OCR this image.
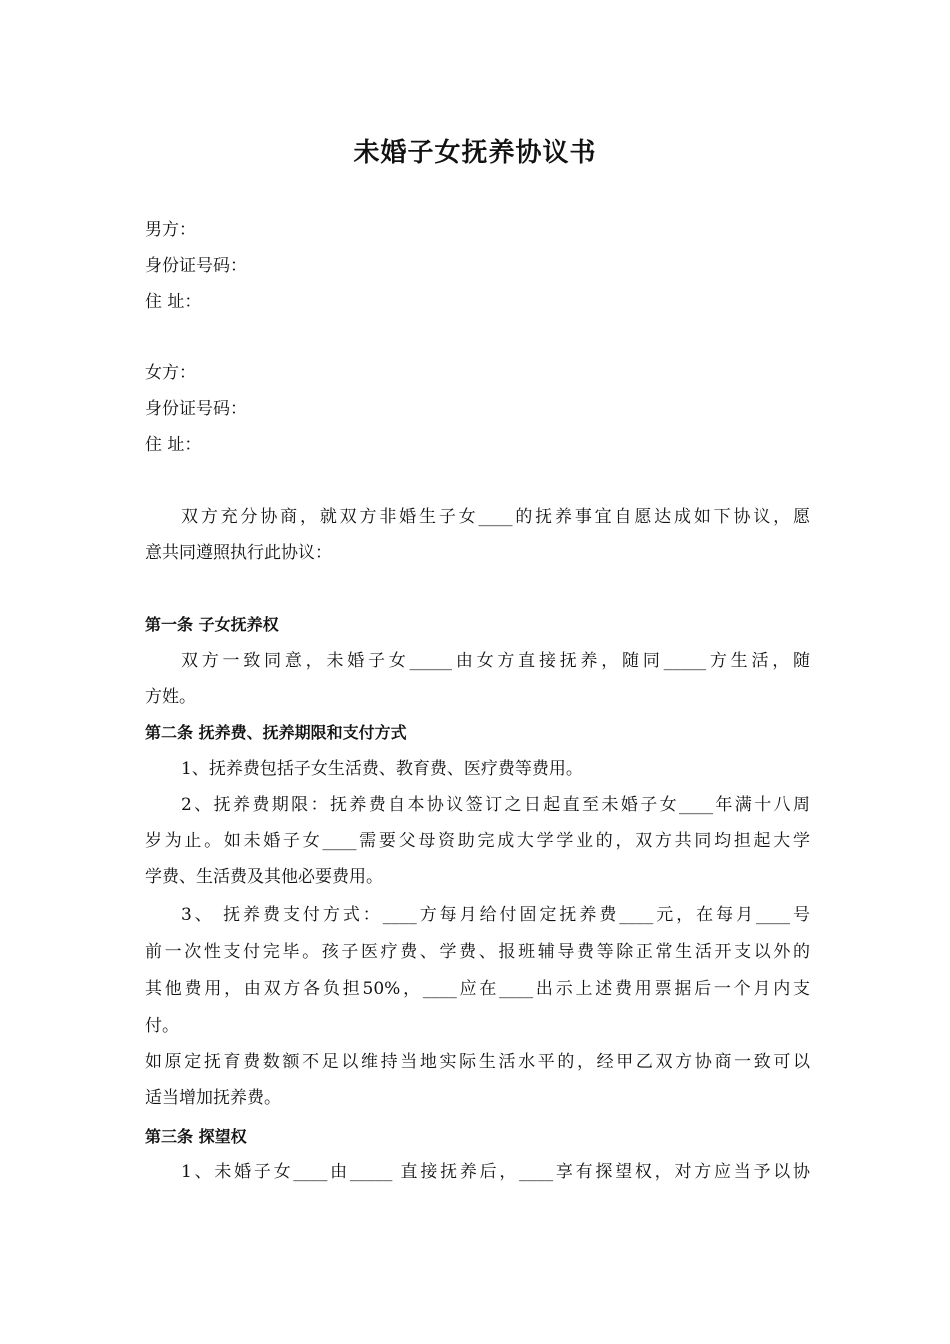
未婚子女抚养协议书

男方：

身份证号码：

住 址：

女方：

身份证号码：

住 址：

双方充分协商，就双方非婚生子女____的抚养事宜自愿达成如下协议，愿

意共同遵照执行此协议：

第一条 子女抚养权

双方一致同意，未婚子女_____由女方直接抚养，随同_____方生活，随

方姓。

第二条 抚养费、抚养期限和支付方式

1、抚养费包括子女生活费、教育费、医疗费等费用。

2、抚养费期限：抚养费自本协议签订之日起直至未婚子女____年满十八周

岁为止。如未婚子女____需要父母资助完成大学学业的，双方共同均担起大学

学费、生活费及其他必要费用。

3、 抚养费支付方式：____方每月给付固定抚养费____元，在每月____号

前一次性支付完毕。孩子医疗费、学费、报班辅导费等除正常生活开支以外的

其他费用，由双方各负担50%，____应在____出示上述费用票据后一个月内支

付。

如原定抚育费数额不足以维持当地实际生活水平的，经甲乙双方协商一致可以

适当增加抚养费。

第三条 探望权

1、未婚子女____由_____ 直接抚养后，____享有探望权，对方应当予以协
